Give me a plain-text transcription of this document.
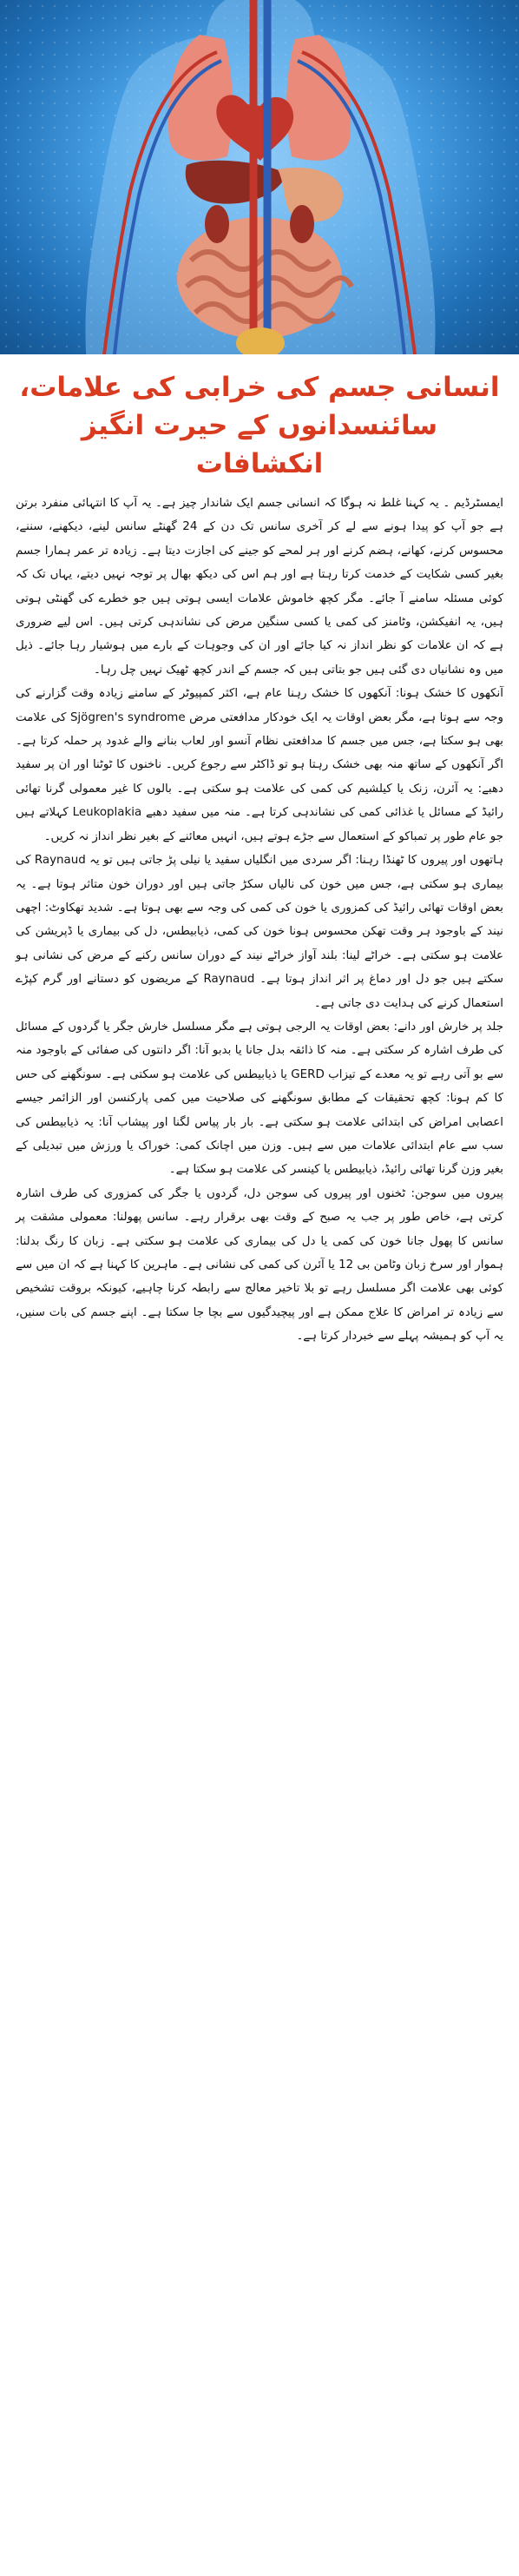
انسانی جسم کی خرابی کی علامات، سائنسدانوں کے حیرت انگیز انکشافات

ایمسٹرڈیم ۔ یہ کہنا غلط نہ ہوگا کہ انسانی جسم ایک شاندار چیز ہے۔ یہ آپ کا انتہائی منفرد برتن ہے جو آپ کو پیدا ہونے سے لے کر آخری سانس تک دن کے 24 گھنٹے سانس لینے، دیکھنے، سننے، محسوس کرنے، کھانے، ہضم کرنے اور ہر لمحے کو جینے کی اجازت دیتا ہے۔ زیادہ تر عمر ہمارا جسم بغیر کسی شکایت کے خدمت کرتا رہتا ہے اور ہم اس کی دیکھ بھال پر توجہ نہیں دیتے، یہاں تک کہ کوئی مسئلہ سامنے آ جائے۔ مگر کچھ خاموش علامات ایسی ہوتی ہیں جو خطرے کی گھنٹی ہوتی ہیں، یہ انفیکشن، وٹامنز کی کمی یا کسی سنگین مرض کی نشاندہی کرتی ہیں۔ اس لیے ضروری ہے کہ ان علامات کو نظر انداز نہ کیا جائے اور ان کی وجوہات کے بارے میں ہوشیار رہا جائے۔ ذیل میں وہ نشانیاں دی گئی ہیں جو بتاتی ہیں کہ جسم کے اندر کچھ ٹھیک نہیں چل رہا۔

آنکھوں کا خشک ہونا: آنکھوں کا خشک رہنا عام ہے، اکثر کمپیوٹر کے سامنے زیادہ وقت گزارنے کی وجہ سے ہوتا ہے، مگر بعض اوقات یہ ایک خودکار مدافعتی مرض Sjögren's syndrome کی علامت بھی ہو سکتا ہے، جس میں جسم کا مدافعتی نظام آنسو اور لعاب بنانے والے غدود پر حملہ کرتا ہے۔ اگر آنکھوں کے ساتھ منہ بھی خشک رہتا ہو تو ڈاکٹر سے رجوع کریں۔ ناخنوں کا ٹوٹنا اور ان پر سفید دھبے: یہ آئرن، زنک یا کیلشیم کی کمی کی علامت ہو سکتی ہے۔ بالوں کا غیر معمولی گرنا تھائی رائیڈ کے مسائل یا غذائی کمی کی نشاندہی کرتا ہے۔ منہ میں سفید دھبے Leukoplakia کہلاتے ہیں جو عام طور پر تمباکو کے استعمال سے جڑے ہوتے ہیں، انہیں معائنے کے بغیر نظر انداز نہ کریں۔

ہاتھوں اور پیروں کا ٹھنڈا رہنا: اگر سردی میں انگلیاں سفید یا نیلی پڑ جاتی ہیں تو یہ Raynaud کی بیماری ہو سکتی ہے، جس میں خون کی نالیاں سکڑ جاتی ہیں اور دوران خون متاثر ہوتا ہے۔ یہ بعض اوقات تھائی رائیڈ کی کمزوری یا خون کی کمی کی وجہ سے بھی ہوتا ہے۔ شدید تھکاوٹ: اچھی نیند کے باوجود ہر وقت تھکن محسوس ہونا خون کی کمی، ذیابیطس، دل کی بیماری یا ڈپریشن کی علامت ہو سکتی ہے۔ خراٹے لینا: بلند آواز خراٹے نیند کے دوران سانس رکنے کے مرض کی نشانی ہو سکتے ہیں جو دل اور دماغ پر اثر انداز ہوتا ہے۔ Raynaud کے مریضوں کو دستانے اور گرم کپڑے استعمال کرنے کی ہدایت دی جاتی ہے۔

جلد پر خارش اور دانے: بعض اوقات یہ الرجی ہوتی ہے مگر مسلسل خارش جگر یا گردوں کے مسائل کی طرف اشارہ کر سکتی ہے۔ منہ کا ذائقہ بدل جانا یا بدبو آنا: اگر دانتوں کی صفائی کے باوجود منہ سے بو آتی رہے تو یہ معدے کے تیزاب GERD یا ذیابیطس کی علامت ہو سکتی ہے۔ سونگھنے کی حس کا کم ہونا: کچھ تحقیقات کے مطابق سونگھنے کی صلاحیت میں کمی پارکنسن اور الزائمر جیسے اعصابی امراض کی ابتدائی علامت ہو سکتی ہے۔ بار بار پیاس لگنا اور پیشاب آنا: یہ ذیابیطس کی سب سے عام ابتدائی علامات میں سے ہیں۔ وزن میں اچانک کمی: خوراک یا ورزش میں تبدیلی کے بغیر وزن گرنا تھائی رائیڈ، ذیابیطس یا کینسر کی علامت ہو سکتا ہے۔

پیروں میں سوجن: ٹخنوں اور پیروں کی سوجن دل، گردوں یا جگر کی کمزوری کی طرف اشارہ کرتی ہے، خاص طور پر جب یہ صبح کے وقت بھی برقرار رہے۔ سانس پھولنا: معمولی مشقت پر سانس کا پھول جانا خون کی کمی یا دل کی بیماری کی علامت ہو سکتی ہے۔ زبان کا رنگ بدلنا: ہموار اور سرخ زبان وٹامن بی 12 یا آئرن کی کمی کی نشانی ہے۔ ماہرین کا کہنا ہے کہ ان میں سے کوئی بھی علامت اگر مسلسل رہے تو بلا تاخیر معالج سے رابطہ کرنا چاہیے، کیونکہ بروقت تشخیص سے زیادہ تر امراض کا علاج ممکن ہے اور پیچیدگیوں سے بچا جا سکتا ہے۔ اپنے جسم کی بات سنیں، یہ آپ کو ہمیشہ پہلے سے خبردار کرتا ہے۔
